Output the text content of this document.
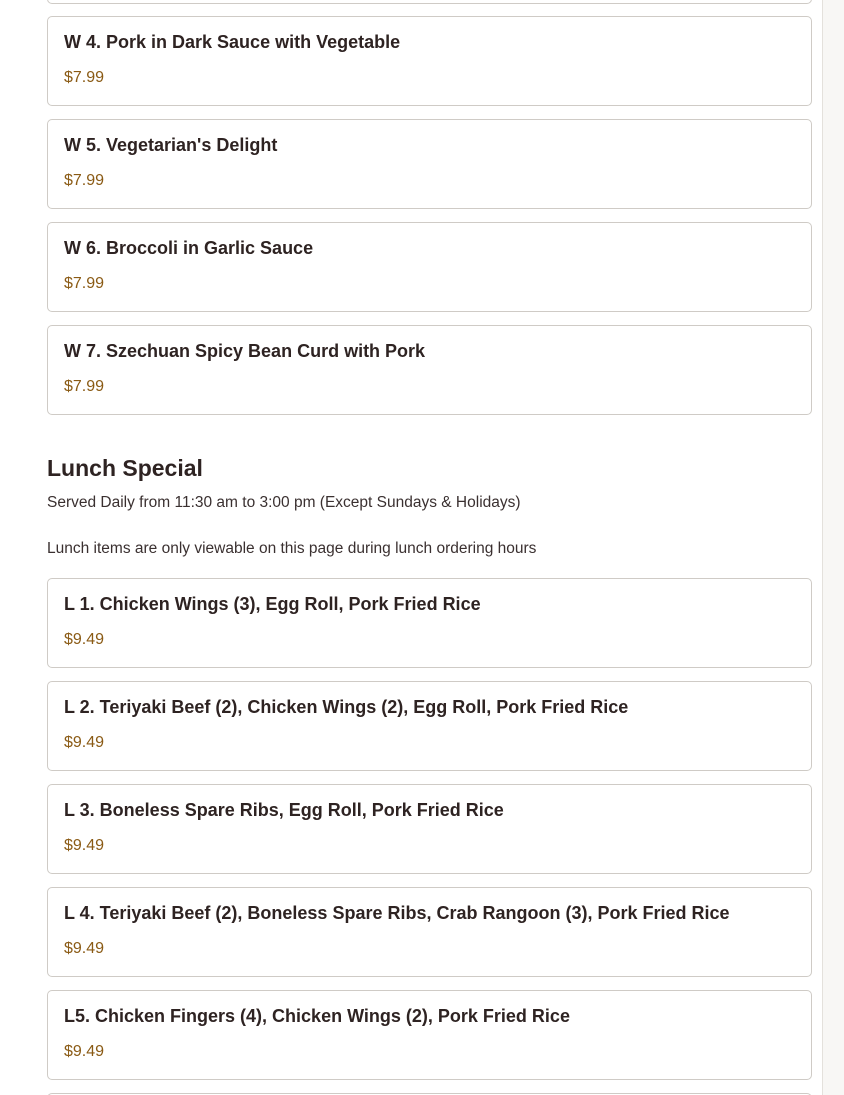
W 4. Pork in Dark Sauce with Vegetable
$7.99
W 5. Vegetarian's Delight
$7.99
W 6. Broccoli in Garlic Sauce
$7.99
W 7. Szechuan Spicy Bean Curd with Pork
$7.99
Lunch Special
Served Daily from 11:30 am to 3:00 pm (Except Sundays & Holidays)
Lunch items are only viewable on this page during lunch ordering hours
L 1. Chicken Wings (3), Egg Roll, Pork Fried Rice
$9.49
L 2. Teriyaki Beef (2), Chicken Wings (2), Egg Roll, Pork Fried Rice
$9.49
L 3. Boneless Spare Ribs, Egg Roll, Pork Fried Rice
$9.49
L 4. Teriyaki Beef (2), Boneless Spare Ribs, Crab Rangoon (3), Pork Fried Rice
$9.49
L5. Chicken Fingers (4), Chicken Wings (2), Pork Fried Rice
$9.49
